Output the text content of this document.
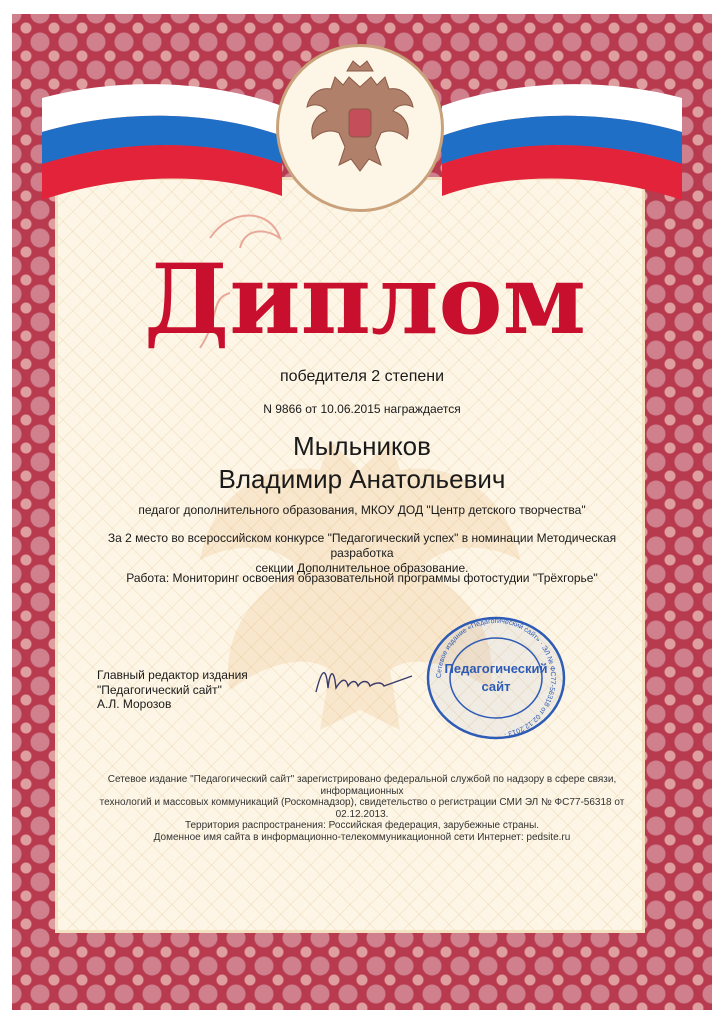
Диплом
победителя 2 степени
N 9866 от 10.06.2015 награждается
Мыльников
Владимир Анатольевич
педагог дополнительного образования, МКОУ ДОД "Центр детского творчества"
За 2 место во всероссийском конкурсе "Педагогический успех" в номинации Методическая разработка
секции Дополнительное образование.
Работа: Мониторинг освоения образовательной программы фотостудии "Трёхгорье"
Главный редактор издания
"Педагогический сайт"
А.Л. Морозов
Сетевое издание «Педагогический сайт» · ЭЛ № ФС77-56318 от 02.12.2013 ·
Педагогический
сайт
Сетевое издание "Педагогический сайт" зарегистрировано федеральной службой по надзору в сфере связи, информационных
технологий и массовых коммуникаций (Роскомнадзор), свидетельство о регистрации СМИ ЭЛ № ФС77-56318 от 02.12.2013.
Территория распространения: Российская федерация, зарубежные страны.
Доменное имя сайта в информационно-телекоммуникационной сети Интернет: pedsite.ru
